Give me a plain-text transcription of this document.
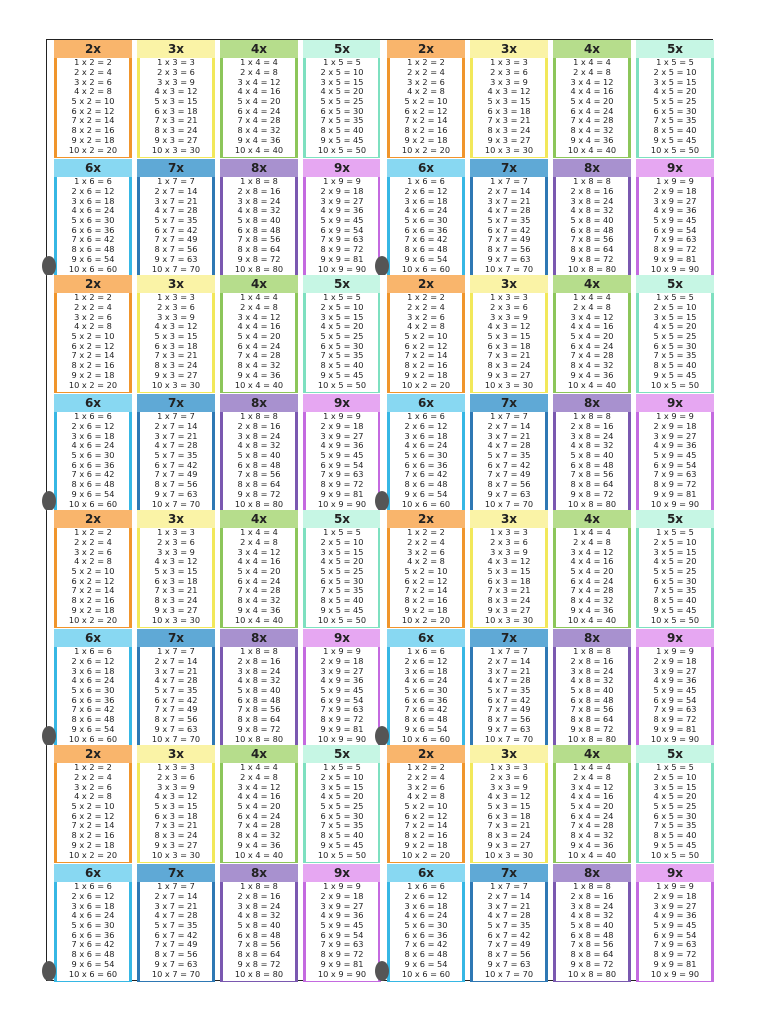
2x
1 x 2 = 2
2 x 2 = 4
3 x 2 = 6
4 x 2 = 8
5 x 2 = 10
6 x 2 = 12
7 x 2 = 14
8 x 2 = 16
9 x 2 = 18
10 x 2 = 20
3x
1 x 3 = 3
2 x 3 = 6
3 x 3 = 9
4 x 3 = 12
5 x 3 = 15
6 x 3 = 18
7 x 3 = 21
8 x 3 = 24
9 x 3 = 27
10 x 3 = 30
4x
1 x 4 = 4
2 x 4 = 8
3 x 4 = 12
4 x 4 = 16
5 x 4 = 20
6 x 4 = 24
7 x 4 = 28
8 x 4 = 32
9 x 4 = 36
10 x 4 = 40
5x
1 x 5 = 5
2 x 5 = 10
3 x 5 = 15
4 x 5 = 20
5 x 5 = 25
6 x 5 = 30
7 x 5 = 35
8 x 5 = 40
9 x 5 = 45
10 x 5 = 50
6x
1 x 6 = 6
2 x 6 = 12
3 x 6 = 18
4 x 6 = 24
5 x 6 = 30
6 x 6 = 36
7 x 6 = 42
8 x 6 = 48
9 x 6 = 54
10 x 6 = 60
7x
1 x 7 = 7
2 x 7 = 14
3 x 7 = 21
4 x 7 = 28
5 x 7 = 35
6 x 7 = 42
7 x 7 = 49
8 x 7 = 56
9 x 7 = 63
10 x 7 = 70
8x
1 x 8 = 8
2 x 8 = 16
3 x 8 = 24
4 x 8 = 32
5 x 8 = 40
6 x 8 = 48
7 x 8 = 56
8 x 8 = 64
9 x 8 = 72
10 x 8 = 80
9x
1 x 9 = 9
2 x 9 = 18
3 x 9 = 27
4 x 9 = 36
5 x 9 = 45
6 x 9 = 54
7 x 9 = 63
8 x 9 = 72
9 x 9 = 81
10 x 9 = 90
2x
1 x 2 = 2
2 x 2 = 4
3 x 2 = 6
4 x 2 = 8
5 x 2 = 10
6 x 2 = 12
7 x 2 = 14
8 x 2 = 16
9 x 2 = 18
10 x 2 = 20
3x
1 x 3 = 3
2 x 3 = 6
3 x 3 = 9
4 x 3 = 12
5 x 3 = 15
6 x 3 = 18
7 x 3 = 21
8 x 3 = 24
9 x 3 = 27
10 x 3 = 30
4x
1 x 4 = 4
2 x 4 = 8
3 x 4 = 12
4 x 4 = 16
5 x 4 = 20
6 x 4 = 24
7 x 4 = 28
8 x 4 = 32
9 x 4 = 36
10 x 4 = 40
5x
1 x 5 = 5
2 x 5 = 10
3 x 5 = 15
4 x 5 = 20
5 x 5 = 25
6 x 5 = 30
7 x 5 = 35
8 x 5 = 40
9 x 5 = 45
10 x 5 = 50
6x
1 x 6 = 6
2 x 6 = 12
3 x 6 = 18
4 x 6 = 24
5 x 6 = 30
6 x 6 = 36
7 x 6 = 42
8 x 6 = 48
9 x 6 = 54
10 x 6 = 60
7x
1 x 7 = 7
2 x 7 = 14
3 x 7 = 21
4 x 7 = 28
5 x 7 = 35
6 x 7 = 42
7 x 7 = 49
8 x 7 = 56
9 x 7 = 63
10 x 7 = 70
8x
1 x 8 = 8
2 x 8 = 16
3 x 8 = 24
4 x 8 = 32
5 x 8 = 40
6 x 8 = 48
7 x 8 = 56
8 x 8 = 64
9 x 8 = 72
10 x 8 = 80
9x
1 x 9 = 9
2 x 9 = 18
3 x 9 = 27
4 x 9 = 36
5 x 9 = 45
6 x 9 = 54
7 x 9 = 63
8 x 9 = 72
9 x 9 = 81
10 x 9 = 90
2x
1 x 2 = 2
2 x 2 = 4
3 x 2 = 6
4 x 2 = 8
5 x 2 = 10
6 x 2 = 12
7 x 2 = 14
8 x 2 = 16
9 x 2 = 18
10 x 2 = 20
3x
1 x 3 = 3
2 x 3 = 6
3 x 3 = 9
4 x 3 = 12
5 x 3 = 15
6 x 3 = 18
7 x 3 = 21
8 x 3 = 24
9 x 3 = 27
10 x 3 = 30
4x
1 x 4 = 4
2 x 4 = 8
3 x 4 = 12
4 x 4 = 16
5 x 4 = 20
6 x 4 = 24
7 x 4 = 28
8 x 4 = 32
9 x 4 = 36
10 x 4 = 40
5x
1 x 5 = 5
2 x 5 = 10
3 x 5 = 15
4 x 5 = 20
5 x 5 = 25
6 x 5 = 30
7 x 5 = 35
8 x 5 = 40
9 x 5 = 45
10 x 5 = 50
6x
1 x 6 = 6
2 x 6 = 12
3 x 6 = 18
4 x 6 = 24
5 x 6 = 30
6 x 6 = 36
7 x 6 = 42
8 x 6 = 48
9 x 6 = 54
10 x 6 = 60
7x
1 x 7 = 7
2 x 7 = 14
3 x 7 = 21
4 x 7 = 28
5 x 7 = 35
6 x 7 = 42
7 x 7 = 49
8 x 7 = 56
9 x 7 = 63
10 x 7 = 70
8x
1 x 8 = 8
2 x 8 = 16
3 x 8 = 24
4 x 8 = 32
5 x 8 = 40
6 x 8 = 48
7 x 8 = 56
8 x 8 = 64
9 x 8 = 72
10 x 8 = 80
9x
1 x 9 = 9
2 x 9 = 18
3 x 9 = 27
4 x 9 = 36
5 x 9 = 45
6 x 9 = 54
7 x 9 = 63
8 x 9 = 72
9 x 9 = 81
10 x 9 = 90
2x
1 x 2 = 2
2 x 2 = 4
3 x 2 = 6
4 x 2 = 8
5 x 2 = 10
6 x 2 = 12
7 x 2 = 14
8 x 2 = 16
9 x 2 = 18
10 x 2 = 20
3x
1 x 3 = 3
2 x 3 = 6
3 x 3 = 9
4 x 3 = 12
5 x 3 = 15
6 x 3 = 18
7 x 3 = 21
8 x 3 = 24
9 x 3 = 27
10 x 3 = 30
4x
1 x 4 = 4
2 x 4 = 8
3 x 4 = 12
4 x 4 = 16
5 x 4 = 20
6 x 4 = 24
7 x 4 = 28
8 x 4 = 32
9 x 4 = 36
10 x 4 = 40
5x
1 x 5 = 5
2 x 5 = 10
3 x 5 = 15
4 x 5 = 20
5 x 5 = 25
6 x 5 = 30
7 x 5 = 35
8 x 5 = 40
9 x 5 = 45
10 x 5 = 50
6x
1 x 6 = 6
2 x 6 = 12
3 x 6 = 18
4 x 6 = 24
5 x 6 = 30
6 x 6 = 36
7 x 6 = 42
8 x 6 = 48
9 x 6 = 54
10 x 6 = 60
7x
1 x 7 = 7
2 x 7 = 14
3 x 7 = 21
4 x 7 = 28
5 x 7 = 35
6 x 7 = 42
7 x 7 = 49
8 x 7 = 56
9 x 7 = 63
10 x 7 = 70
8x
1 x 8 = 8
2 x 8 = 16
3 x 8 = 24
4 x 8 = 32
5 x 8 = 40
6 x 8 = 48
7 x 8 = 56
8 x 8 = 64
9 x 8 = 72
10 x 8 = 80
9x
1 x 9 = 9
2 x 9 = 18
3 x 9 = 27
4 x 9 = 36
5 x 9 = 45
6 x 9 = 54
7 x 9 = 63
8 x 9 = 72
9 x 9 = 81
10 x 9 = 90
2x
1 x 2 = 2
2 x 2 = 4
3 x 2 = 6
4 x 2 = 8
5 x 2 = 10
6 x 2 = 12
7 x 2 = 14
8 x 2 = 16
9 x 2 = 18
10 x 2 = 20
3x
1 x 3 = 3
2 x 3 = 6
3 x 3 = 9
4 x 3 = 12
5 x 3 = 15
6 x 3 = 18
7 x 3 = 21
8 x 3 = 24
9 x 3 = 27
10 x 3 = 30
4x
1 x 4 = 4
2 x 4 = 8
3 x 4 = 12
4 x 4 = 16
5 x 4 = 20
6 x 4 = 24
7 x 4 = 28
8 x 4 = 32
9 x 4 = 36
10 x 4 = 40
5x
1 x 5 = 5
2 x 5 = 10
3 x 5 = 15
4 x 5 = 20
5 x 5 = 25
6 x 5 = 30
7 x 5 = 35
8 x 5 = 40
9 x 5 = 45
10 x 5 = 50
6x
1 x 6 = 6
2 x 6 = 12
3 x 6 = 18
4 x 6 = 24
5 x 6 = 30
6 x 6 = 36
7 x 6 = 42
8 x 6 = 48
9 x 6 = 54
10 x 6 = 60
7x
1 x 7 = 7
2 x 7 = 14
3 x 7 = 21
4 x 7 = 28
5 x 7 = 35
6 x 7 = 42
7 x 7 = 49
8 x 7 = 56
9 x 7 = 63
10 x 7 = 70
8x
1 x 8 = 8
2 x 8 = 16
3 x 8 = 24
4 x 8 = 32
5 x 8 = 40
6 x 8 = 48
7 x 8 = 56
8 x 8 = 64
9 x 8 = 72
10 x 8 = 80
9x
1 x 9 = 9
2 x 9 = 18
3 x 9 = 27
4 x 9 = 36
5 x 9 = 45
6 x 9 = 54
7 x 9 = 63
8 x 9 = 72
9 x 9 = 81
10 x 9 = 90
2x
1 x 2 = 2
2 x 2 = 4
3 x 2 = 6
4 x 2 = 8
5 x 2 = 10
6 x 2 = 12
7 x 2 = 14
8 x 2 = 16
9 x 2 = 18
10 x 2 = 20
3x
1 x 3 = 3
2 x 3 = 6
3 x 3 = 9
4 x 3 = 12
5 x 3 = 15
6 x 3 = 18
7 x 3 = 21
8 x 3 = 24
9 x 3 = 27
10 x 3 = 30
4x
1 x 4 = 4
2 x 4 = 8
3 x 4 = 12
4 x 4 = 16
5 x 4 = 20
6 x 4 = 24
7 x 4 = 28
8 x 4 = 32
9 x 4 = 36
10 x 4 = 40
5x
1 x 5 = 5
2 x 5 = 10
3 x 5 = 15
4 x 5 = 20
5 x 5 = 25
6 x 5 = 30
7 x 5 = 35
8 x 5 = 40
9 x 5 = 45
10 x 5 = 50
6x
1 x 6 = 6
2 x 6 = 12
3 x 6 = 18
4 x 6 = 24
5 x 6 = 30
6 x 6 = 36
7 x 6 = 42
8 x 6 = 48
9 x 6 = 54
10 x 6 = 60
7x
1 x 7 = 7
2 x 7 = 14
3 x 7 = 21
4 x 7 = 28
5 x 7 = 35
6 x 7 = 42
7 x 7 = 49
8 x 7 = 56
9 x 7 = 63
10 x 7 = 70
8x
1 x 8 = 8
2 x 8 = 16
3 x 8 = 24
4 x 8 = 32
5 x 8 = 40
6 x 8 = 48
7 x 8 = 56
8 x 8 = 64
9 x 8 = 72
10 x 8 = 80
9x
1 x 9 = 9
2 x 9 = 18
3 x 9 = 27
4 x 9 = 36
5 x 9 = 45
6 x 9 = 54
7 x 9 = 63
8 x 9 = 72
9 x 9 = 81
10 x 9 = 90
2x
1 x 2 = 2
2 x 2 = 4
3 x 2 = 6
4 x 2 = 8
5 x 2 = 10
6 x 2 = 12
7 x 2 = 14
8 x 2 = 16
9 x 2 = 18
10 x 2 = 20
3x
1 x 3 = 3
2 x 3 = 6
3 x 3 = 9
4 x 3 = 12
5 x 3 = 15
6 x 3 = 18
7 x 3 = 21
8 x 3 = 24
9 x 3 = 27
10 x 3 = 30
4x
1 x 4 = 4
2 x 4 = 8
3 x 4 = 12
4 x 4 = 16
5 x 4 = 20
6 x 4 = 24
7 x 4 = 28
8 x 4 = 32
9 x 4 = 36
10 x 4 = 40
5x
1 x 5 = 5
2 x 5 = 10
3 x 5 = 15
4 x 5 = 20
5 x 5 = 25
6 x 5 = 30
7 x 5 = 35
8 x 5 = 40
9 x 5 = 45
10 x 5 = 50
6x
1 x 6 = 6
2 x 6 = 12
3 x 6 = 18
4 x 6 = 24
5 x 6 = 30
6 x 6 = 36
7 x 6 = 42
8 x 6 = 48
9 x 6 = 54
10 x 6 = 60
7x
1 x 7 = 7
2 x 7 = 14
3 x 7 = 21
4 x 7 = 28
5 x 7 = 35
6 x 7 = 42
7 x 7 = 49
8 x 7 = 56
9 x 7 = 63
10 x 7 = 70
8x
1 x 8 = 8
2 x 8 = 16
3 x 8 = 24
4 x 8 = 32
5 x 8 = 40
6 x 8 = 48
7 x 8 = 56
8 x 8 = 64
9 x 8 = 72
10 x 8 = 80
9x
1 x 9 = 9
2 x 9 = 18
3 x 9 = 27
4 x 9 = 36
5 x 9 = 45
6 x 9 = 54
7 x 9 = 63
8 x 9 = 72
9 x 9 = 81
10 x 9 = 90
2x
1 x 2 = 2
2 x 2 = 4
3 x 2 = 6
4 x 2 = 8
5 x 2 = 10
6 x 2 = 12
7 x 2 = 14
8 x 2 = 16
9 x 2 = 18
10 x 2 = 20
3x
1 x 3 = 3
2 x 3 = 6
3 x 3 = 9
4 x 3 = 12
5 x 3 = 15
6 x 3 = 18
7 x 3 = 21
8 x 3 = 24
9 x 3 = 27
10 x 3 = 30
4x
1 x 4 = 4
2 x 4 = 8
3 x 4 = 12
4 x 4 = 16
5 x 4 = 20
6 x 4 = 24
7 x 4 = 28
8 x 4 = 32
9 x 4 = 36
10 x 4 = 40
5x
1 x 5 = 5
2 x 5 = 10
3 x 5 = 15
4 x 5 = 20
5 x 5 = 25
6 x 5 = 30
7 x 5 = 35
8 x 5 = 40
9 x 5 = 45
10 x 5 = 50
6x
1 x 6 = 6
2 x 6 = 12
3 x 6 = 18
4 x 6 = 24
5 x 6 = 30
6 x 6 = 36
7 x 6 = 42
8 x 6 = 48
9 x 6 = 54
10 x 6 = 60
7x
1 x 7 = 7
2 x 7 = 14
3 x 7 = 21
4 x 7 = 28
5 x 7 = 35
6 x 7 = 42
7 x 7 = 49
8 x 7 = 56
9 x 7 = 63
10 x 7 = 70
8x
1 x 8 = 8
2 x 8 = 16
3 x 8 = 24
4 x 8 = 32
5 x 8 = 40
6 x 8 = 48
7 x 8 = 56
8 x 8 = 64
9 x 8 = 72
10 x 8 = 80
9x
1 x 9 = 9
2 x 9 = 18
3 x 9 = 27
4 x 9 = 36
5 x 9 = 45
6 x 9 = 54
7 x 9 = 63
8 x 9 = 72
9 x 9 = 81
10 x 9 = 90
